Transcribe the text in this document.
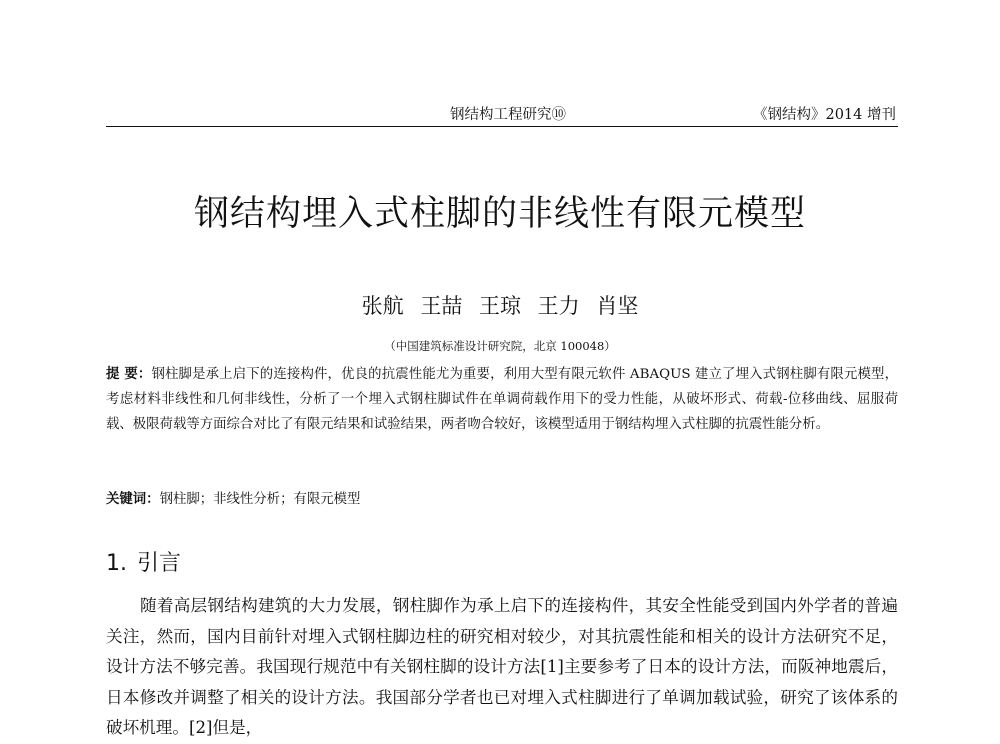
钢结构工程研究⑩	《钢结构》2014 增刊
钢结构埋入式柱脚的非线性有限元模型
张航 王喆 王琼 王力 肖坚
（中国建筑标准设计研究院，北京 100048）
提 要：钢柱脚是承上启下的连接构件，优良的抗震性能尤为重要，利用大型有限元软件 ABAQUS 建立了埋入式钢柱脚有限元模型，考虑材料非线性和几何非线性，分析了一个埋入式钢柱脚试件在单调荷载作用下的受力性能，从破坏形式、荷载-位移曲线、屈服荷载、极限荷载等方面综合对比了有限元结果和试验结果，两者吻合较好，该模型适用于钢结构埋入式柱脚的抗震性能分析。
关键词：钢柱脚；非线性分析；有限元模型
1. 引言
随着高层钢结构建筑的大力发展，钢柱脚作为承上启下的连接构件，其安全性能受到国内外学者的普遍关注，然而，国内目前针对埋入式钢柱脚边柱的研究相对较少，对其抗震性能和相关的设计方法研究不足，设计方法不够完善。我国现行规范中有关钢柱脚的设计方法[1]主要参考了日本的设计方法，而阪神地震后，日本修改并调整了相关的设计方法。我国部分学者也已对埋入式柱脚进行了单调加载试验，研究了该体系的破坏机理。[2]但是，
